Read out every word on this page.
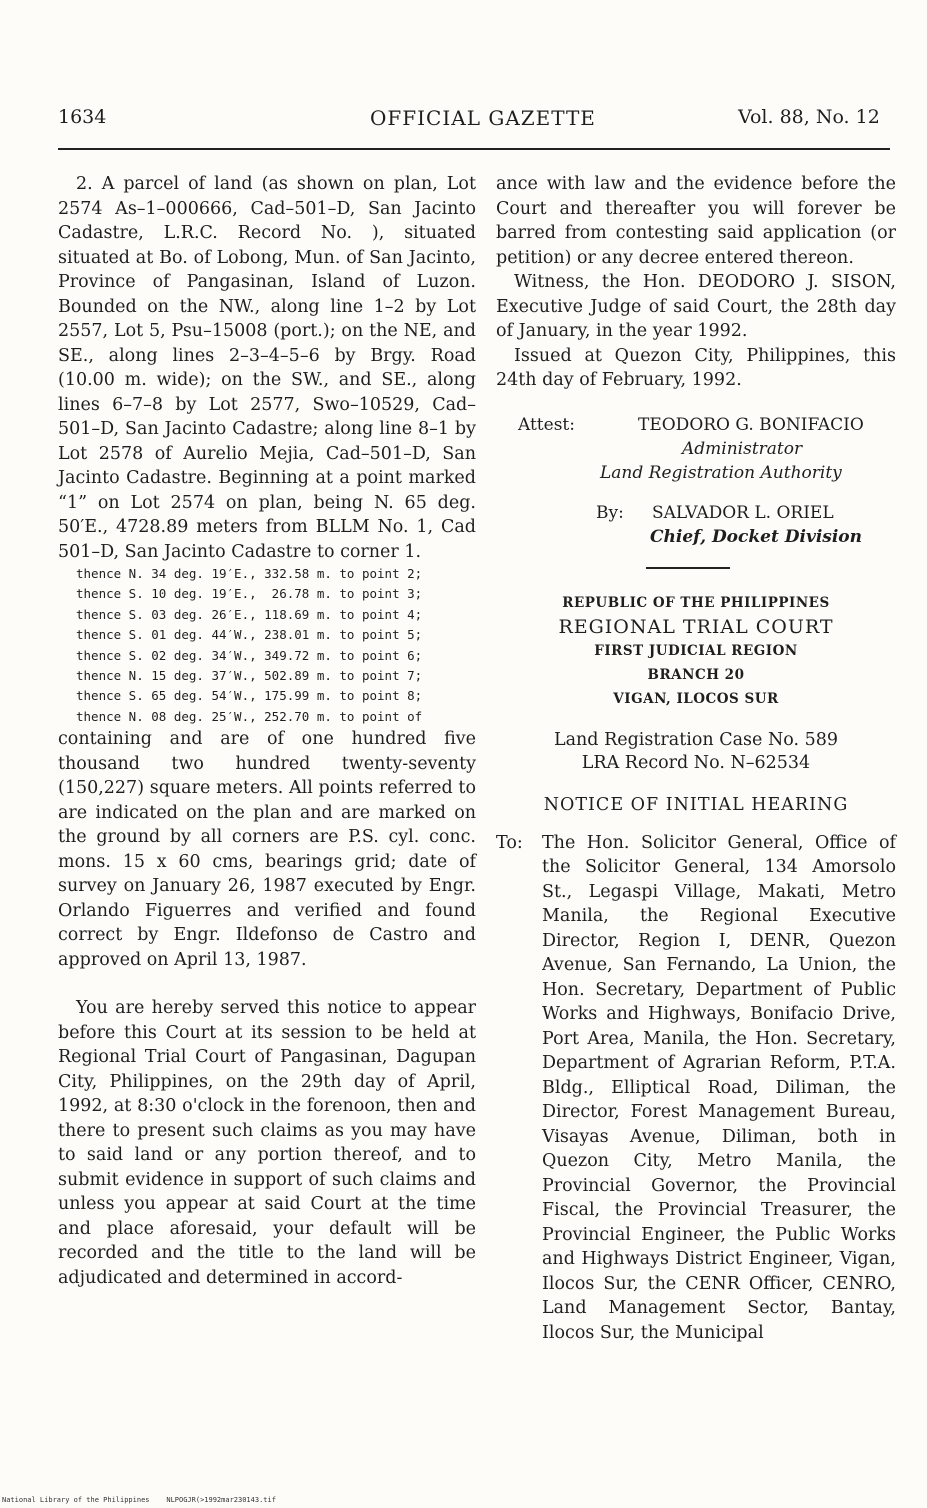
1634	OFFICIAL GAZETTE	Vol. 88, No. 12

2. A parcel of land (as shown on plan, Lot 2574 As–1–000666, Cad–501–D, San Jacinto Cadastre, L.R.C. Record No. ), situated situated at Bo. of Lobong, Mun. of San Jacinto, Province of Pangasinan, Island of Luzon. Bounded on the NW., along line 1–2 by Lot 2557, Lot 5, Psu–15008 (port.); on the NE, and SE., along lines 2–3–4–5–6 by Brgy. Road (10.00 m. wide); on the SW., and SE., along lines 6–7–8 by Lot 2577, Swo–10529, Cad–501–D, San Jacinto Cadastre; along line 8–1 by Lot 2578 of Aurelio Mejia, Cad–501–D, San Jacinto Cadastre. Beginning at a point marked “1” on Lot 2574 on plan, being N. 65 deg. 50′E., 4728.89 meters from BLLM No. 1, Cad 501–D, San Jacinto Cadastre to corner 1.

thence N. 34 deg. 19′E., 332.58 m. to point 2;
thence S. 10 deg. 19′E.,  26.78 m. to point 3;
thence S. 03 deg. 26′E., 118.69 m. to point 4;
thence S. 01 deg. 44′W., 238.01 m. to point 5;
thence S. 02 deg. 34′W., 349.72 m. to point 6;
thence N. 15 deg. 37′W., 502.89 m. to point 7;
thence S. 65 deg. 54′W., 175.99 m. to point 8;
thence N. 08 deg. 25′W., 252.70 m. to point of

containing and are of one hundred five thousand two hundred twenty-seventy (150,227) square meters. All points referred to are indicated on the plan and are marked on the ground by all corners are P.S. cyl. conc. mons. 15 x 60 cms, bearings grid; date of survey on January 26, 1987 executed by Engr. Orlando Figuerres and verified and found correct by Engr. Ildefonso de Castro and approved on April 13, 1987.

You are hereby served this notice to appear before this Court at its session to be held at Regional Trial Court of Pangasinan, Dagupan City, Philippines, on the 29th day of April, 1992, at 8:30 o'clock in the forenoon, then and there to present such claims as you may have to said land or any portion thereof, and to submit evidence in support of such claims and unless you appear at said Court at the time and place aforesaid, your default will be recorded and the title to the land will be adjudicated and determined in accord-

ance with law and the evidence before the Court and thereafter you will forever be barred from contesting said application (or petition) or any decree entered thereon.

Witness, the Hon. DEODORO J. SISON, Executive Judge of said Court, the 28th day of January, in the year 1992.

Issued at Quezon City, Philippines, this 24th day of February, 1992.

Attest:	TEODORO G. BONIFACIO
Administrator
Land Registration Authority
By: SALVADOR L. ORIEL
Chief, Docket Division
REPUBLIC OF THE PHILIPPINES
REGIONAL TRIAL COURT
FIRST JUDICIAL REGION
BRANCH 20
VIGAN, ILOCOS SUR
Land Registration Case No. 589
LRA Record No. N–62534
NOTICE OF INITIAL HEARING
To:	The Hon. Solicitor General, Office of the Solicitor General, 134 Amorsolo St., Legaspi Village, Makati, Metro Manila, the Regional Executive Director, Region I, DENR, Quezon Avenue, San Fernando, La Union, the Hon. Secretary, Department of Public Works and Highways, Bonifacio Drive, Port Area, Manila, the Hon. Secretary, Department of Agrarian Reform, P.T.A. Bldg., Elliptical Road, Diliman, the Director, Forest Management Bureau, Visayas Avenue, Diliman, both in Quezon City, Metro Manila, the Provincial Governor, the Provincial Fiscal, the Provincial Treasurer, the Provincial Engineer, the Public Works and Highways District Engineer, Vigan, Ilocos Sur, the CENR Officer, CENRO, Land Management Sector, Bantay, Ilocos Sur, the Municipal
National Library of the Philippines    NLPOGJR(>1992mar230143.tif
